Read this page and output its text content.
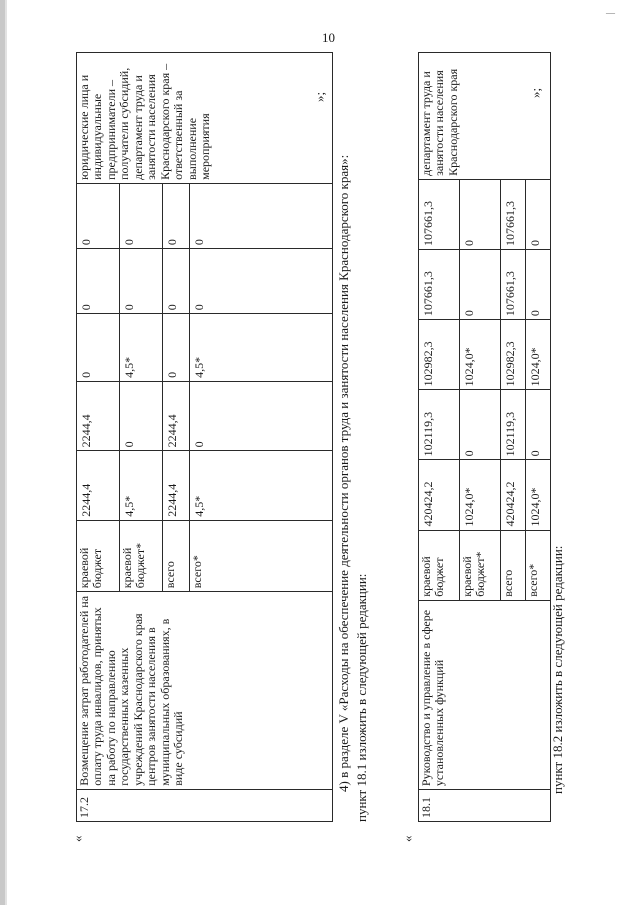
10
—
«
17.2	Возмещение затрат работодателей на оплату труда инвалидов, принятых на работу по направлению государственных казенных учреждений Краснодарского края центров занятости населения в муниципальных образованиях, в виде субсидий	краевой бюджет	2244,4	2244,4	0	0	0	юридические лица и индивидуальные предприниматели – получатели субсидий, департамент труда и занятости населения Краснодарского края – ответственный за выполнение мероприятия
		краевой бюджет*	4,5*	0	4,5*	0	0	
		всего	2244,4	2244,4	0	0	0	
		всего*	4,5*	0	4,5*	0	0	
»;
4) в разделе V «Расходы на обеспечение деятельности органов труда и занятости населения Краснодарского края»: пункт 18.1 изложить в следующей редакции:
«
18.1	Руководство и управление в сфере установленных функций	краевой бюджет	420424,2	102119,3	102982,3	107661,3	107661,3	департамент труда и занятости населения Краснодарского края
		краевой бюджет*	1024,0*	0	1024,0*	0	0	
		всего	420424,2	102119,3	102982,3	107661,3	107661,3	
		всего*	1024,0*	0	1024,0*	0	0	
»;
пункт 18.2 изложить в следующей редакции:
